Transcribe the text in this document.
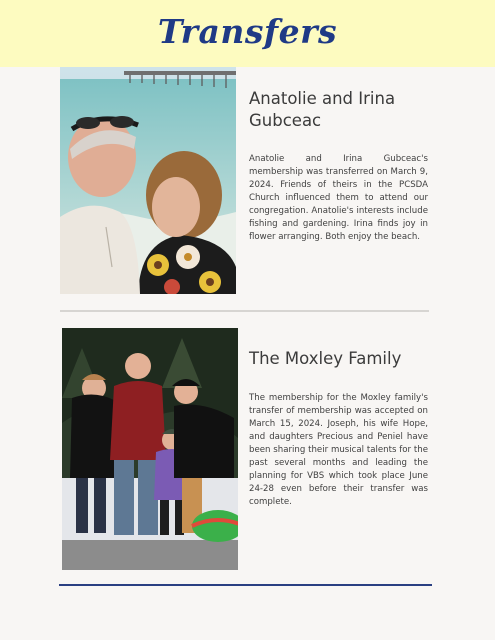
Transfers
Anatolie and Irina Gubceac
Anatolie and Irina Gubceac's membership was transferred on March 9, 2024. Friends of theirs in the PCSDA Church influenced them to attend our congregation. Anatolie's interests include fishing and gardening. Irina finds joy in flower arranging. Both enjoy the beach.
The Moxley Family
The membership for the Moxley family's transfer of membership was accepted on March 15, 2024. Joseph, his wife Hope, and daughters Precious and Peniel have been sharing their musical talents for the past several months and leading the planning for VBS which took place June 24-28 even before their transfer was complete.
